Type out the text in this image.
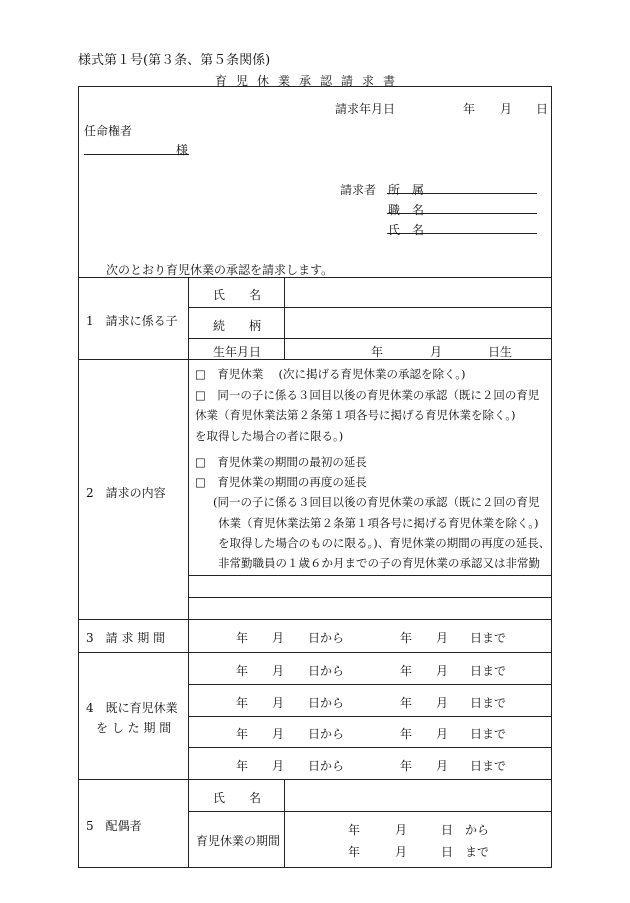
様式第１号(第３条、第５条関係)
育児休業承認請求書
請求年月日	年 月 日
任命権者
様
請求者 所　属
職　名
氏　名
次のとおり育児休業の承認を請求します。
1　請求に係る子
氏　　名
続　　柄
生年月日	年	月	日生
2　請求の内容
□　育児休業　 (次に掲げる育児休業の承認を除く。)
□　同一の子に係る３回目以後の育児休業の承認（既に２回の育児
休業（育児休業法第２条第１項各号に掲げる育児休業を除く。)
を取得した場合の者に限る。)
□　育児休業の期間の最初の延長
□　育児休業の期間の再度の延長
(同一の子に係る３回目以後の育児休業の承認（既に２回の育児
休業（育児休業法第２条第１項各号に掲げる育児休業を除く。)
を取得した場合のものに限る。)、育児休業の期間の再度の延長、
非常勤職員の１歳６か月までの子の育児休業の承認又は非常勤
3　請 求 期 間	年 月 日から	年 月 日まで
4　既に育児休業
を し た 期 間
年 月 日から	年 月 日まで
年 月 日から	年 月 日まで
年 月 日から	年 月 日まで
年 月 日から	年 月 日まで
5　配偶者
氏　　名
育児休業の期間
年	月	日　から
年	月	日　まで
